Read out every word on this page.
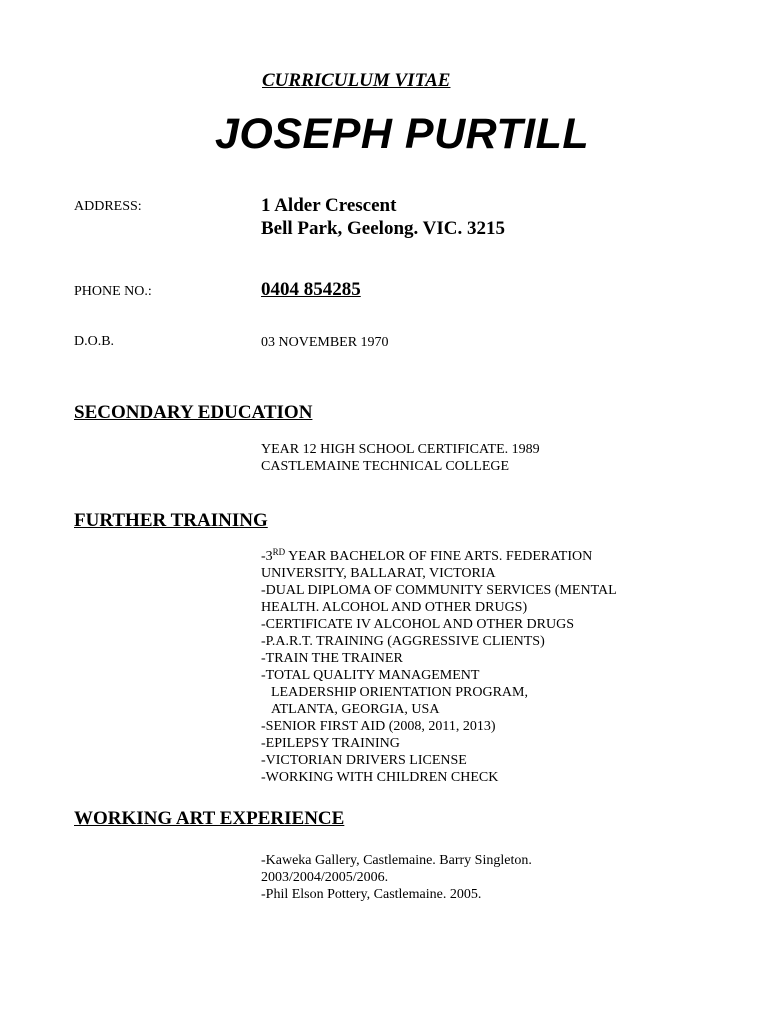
CURRICULUM VITAE

JOSEPH PURTILL

ADDRESS:	1 Alder Crescent
Bell Park, Geelong. VIC. 3215

PHONE NO.:	0404 854285

D.O.B.	03 NOVEMBER 1970

SECONDARY EDUCATION

YEAR 12 HIGH SCHOOL CERTIFICATE. 1989
CASTLEMAINE TECHNICAL COLLEGE

FURTHER TRAINING

-3RD YEAR BACHELOR OF FINE ARTS. FEDERATION
UNIVERSITY, BALLARAT, VICTORIA
-DUAL DIPLOMA OF COMMUNITY SERVICES (MENTAL
HEALTH. ALCOHOL AND OTHER DRUGS)
-CERTIFICATE IV ALCOHOL AND OTHER DRUGS
-P.A.R.T. TRAINING (AGGRESSIVE CLIENTS)
-TRAIN THE TRAINER
-TOTAL QUALITY MANAGEMENT
LEADERSHIP ORIENTATION PROGRAM,
ATLANTA, GEORGIA, USA
-SENIOR FIRST AID (2008, 2011, 2013)
-EPILEPSY TRAINING
-VICTORIAN DRIVERS LICENSE
-WORKING WITH CHILDREN CHECK

WORKING ART EXPERIENCE

-Kaweka Gallery, Castlemaine. Barry Singleton.
2003/2004/2005/2006.
-Phil Elson Pottery, Castlemaine. 2005.
